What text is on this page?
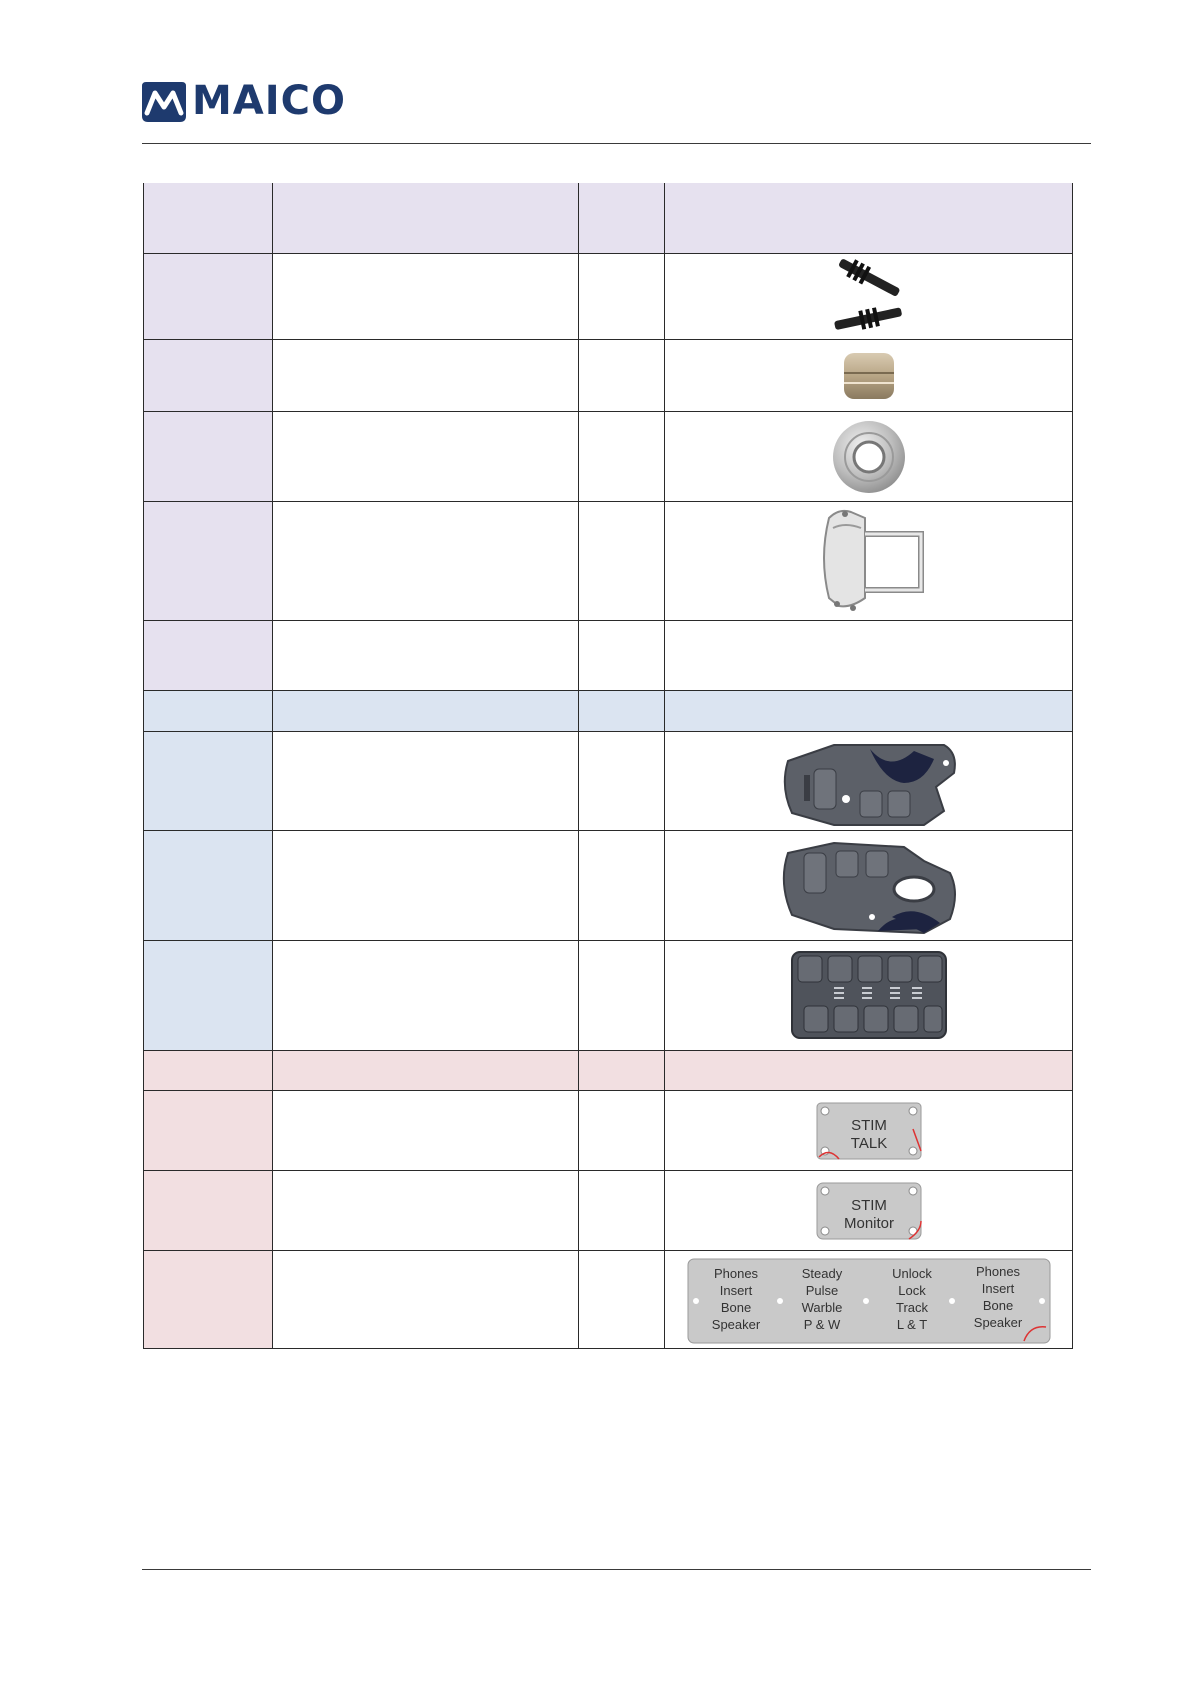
MAICO
STIM
TALK
STIM
Monitor
Phones
Insert
Bone
Speaker
Steady
Pulse
Warble
P & W
Unlock
Lock
Track
L & T
Phones
Insert
Bone
Speaker
